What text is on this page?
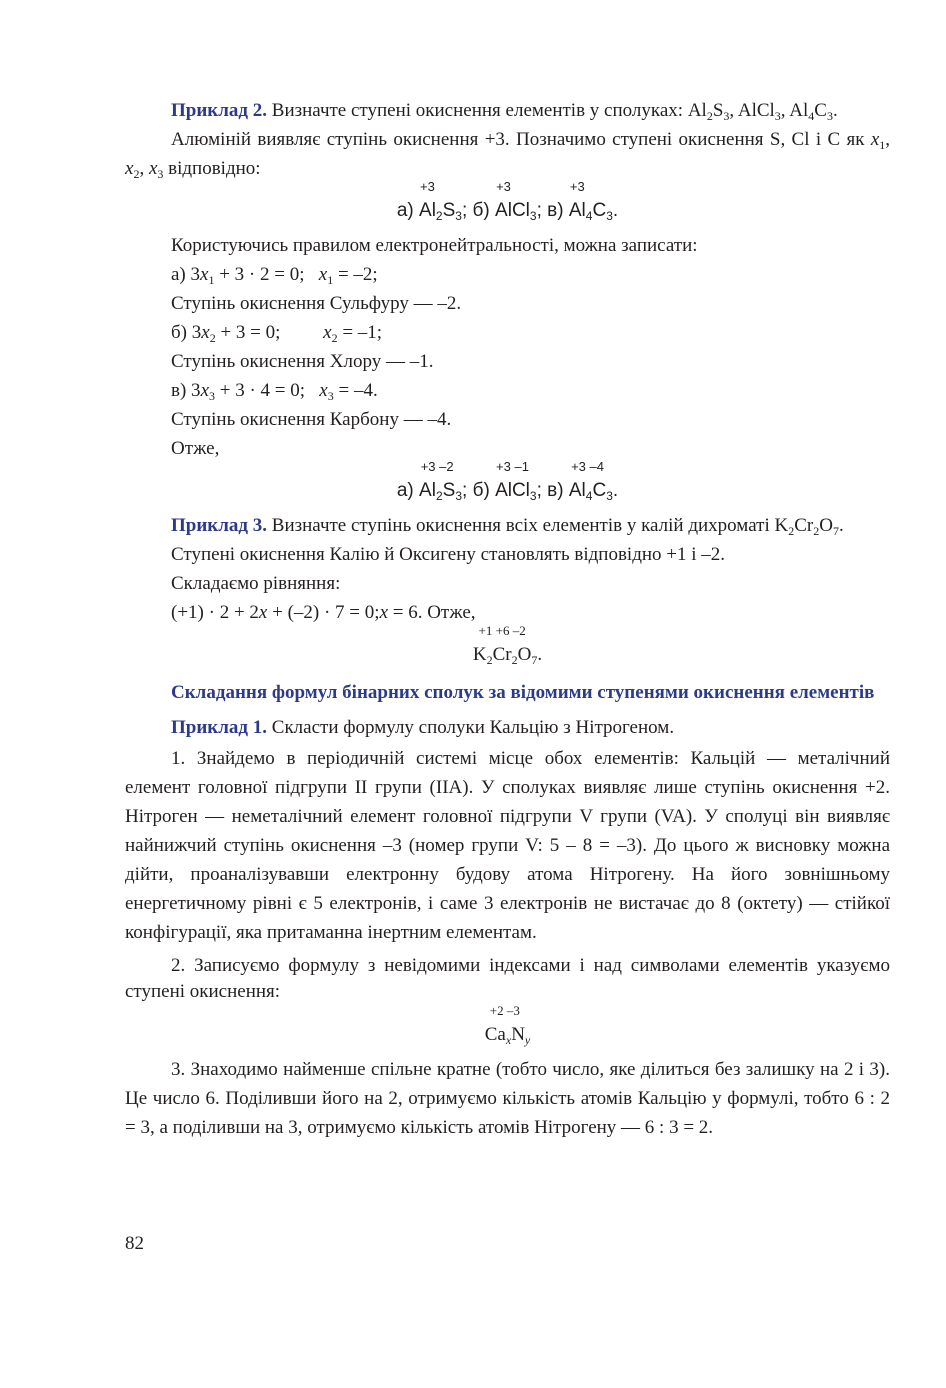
Приклад 2. Визначте ступені окиснення елементів у сполуках: $Al_2S_3$, AlCl$_3$, $Al_4C_3$.

Алюміній виявляє ступінь окиснення +3. Позначимо ступені окиснення S, Cl і C як $x_1$, $x_2$, $x_3$ відповідно:

а)
+3
$Al_2S_3$; б)
+3
AlCl$_3$; в)
+3
$Al_4C_3$.

Користуючись правилом електронейтральності, можна записати:

а) $3x_1 + 3 \cdot 2 = 0$;   $x_1 = -2$;

Ступінь окиснення Сульфуру — –2.

б) $3x_2 + 3 = 0$;         $x_2 = -1$;

Ступінь окиснення Хлору — –1.

в) $3x_3 + 3 \cdot 4 = 0$;   $x_3 = -4$.

Ступінь окиснення Карбону — –4.

Отже,

а)
+3 –2
$Al_2S_3$; б)
+3 –1
AlCl$_3$; в)
+3 –4
$Al_4C_3$.

Приклад 3. Визначте ступінь окиснення всіх елементів у калій дихроматі $K_2Cr_2O_7$.

Ступені окиснення Калію й Оксигену становлять відповідно +1 і –2.

Складаємо рівняння:

(+1) · 2 + 2x + (–2) · 7 = 0;x = 6. Отже,

+1 +6 –2
$K_2Cr_2O_7$.

Складання формул бінарних сполук за відомими ступенями окиснення елементів

Приклад 1. Скласти формулу сполуки Кальцію з Нітрогеном.

1. Знайдемо в періодичній системі місце обох елементів: Кальцій — металічний елемент головної підгрупи II групи (IIA). У сполуках виявляє лише ступінь окиснення +2. Нітроген — неметалічний елемент головної підгрупи V групи (VA). У сполуці він виявляє найнижчий ступінь окиснення –3 (номер групи V: 5 – 8 = –3). До цього ж висновку можна дійти, проаналізувавши електронну будову атома Нітрогену. На його зовнішньому енергетичному рівні є 5 електронів, і саме 3 електронів не вистачає до 8 (октету) — стійкої конфігурації, яка притаманна інертним елементам.

2. Записуємо формулу з невідомими індексами і над символами елементів указуємо ступені окиснення:

+2 –3
$Ca_xN_y$

3. Знаходимо найменше спільне кратне (тобто число, яке ділиться без залишку на 2 і 3). Це число 6. Поділивши його на 2, отримуємо кількість атомів Кальцію у формулі, тобто 6 : 2 = 3, а поділивши на 3, отримуємо кількість атомів Нітрогену — 6 : 3 = 2.

82
